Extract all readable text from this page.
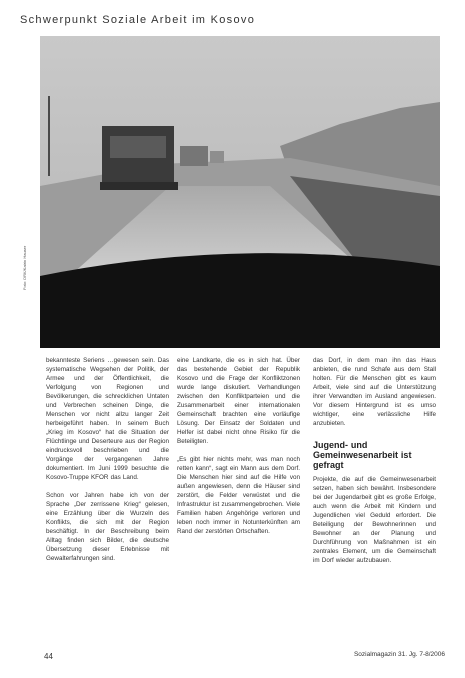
Schwerpunkt Soziale Arbeit im Kosovo
Foto: DRK/Katrin Hauser

bekannteste Seriens …gewesen sein. Das systematische Wegsehen der Politik, der Armee und der Öffentlichkeit, die Verfolgung von Regionen und Bevölkerungen, die schrecklichen Untaten und Verbrechen scheinen Dinge, die Menschen vor nicht allzu langer Zeit herbeigeführt haben. In seinem Buch „Krieg im Kosovo“ hat die Situation der Flüchtlinge und Deserteure aus der Region eindrucksvoll beschrieben und die Vorgänge der vergangenen Jahre dokumentiert. Im Juni 1999 besuchte die Kosovo-Truppe KFOR das Land.

Schon vor Jahren habe ich von der Sprache „Der zerrissene Krieg“ gelesen, eine Erzählung über die Wurzeln des Konflikts, die sich mit der Region beschäftigt. In der Beschreibung beim Alltag finden sich Bilder, die deutsche Übersetzung dieser Erlebnisse mit Gewalterfahrungen sind.

eine Landkarte, die es in sich hat. Über das bestehende Gebiet der Republik Kosovo und die Frage der Konfliktzonen wurde lange diskutiert. Verhandlungen zwischen den Konfliktparteien und die Zusammenarbeit einer internationalen Gemeinschaft brachten eine vorläufige Lösung. Der Einsatz der Soldaten und Helfer ist dabei nicht ohne Risiko für die Beteiligten.

„Es gibt hier nichts mehr, was man noch retten kann“, sagt ein Mann aus dem Dorf. Die Menschen hier sind auf die Hilfe von außen angewiesen, denn die Häuser sind zerstört, die Felder verwüstet und die Infrastruktur ist zusammengebrochen. Viele Familien haben Angehörige verloren und leben noch immer in Notunterkünften am Rand der zerstörten Ortschaften.

das Dorf, in dem man ihn das Haus anbieten, die rund Schafe aus dem Stall holten. Für die Menschen gibt es kaum Arbeit, viele sind auf die Unterstützung ihrer Verwandten im Ausland angewiesen. Vor diesem Hintergrund ist es umso wichtiger, eine verlässliche Hilfe anzubieten.

Jugend- und Gemeinwesenarbeit ist gefragt

Projekte, die auf die Gemeinwesenarbeit setzen, haben sich bewährt. Insbesondere bei der Jugendarbeit gibt es große Erfolge, auch wenn die Arbeit mit Kindern und Jugendlichen viel Geduld erfordert. Die Beteiligung der Bewohnerinnen und Bewohner an der Planung und Durchführung von Maßnahmen ist ein zentrales Element, um die Gemeinschaft im Dorf wieder aufzubauen.

44	Sozialmagazin 31. Jg. 7-8/2006
